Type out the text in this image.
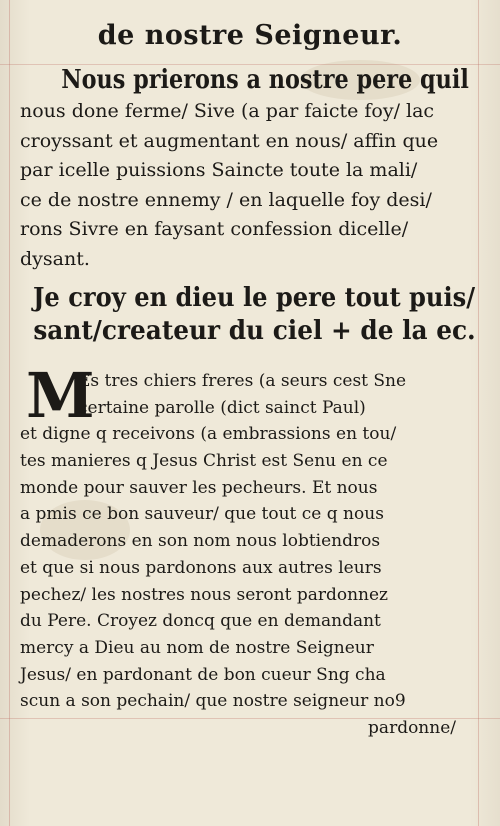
de nostre Seigneur.
Nous prierons a nostre pere quil
nous done ferme/ Sive (a par faicte foy/ lac
croyssant et augmentant en nous/ affin que
par icelle puissions Saincte toute la mali/
ce de nostre ennemy / en laquelle foy desi/
rons Sivre en faysant confession dicelle/
dysant.
Je croy en dieu le pere tout puis/
sant/createur du ciel + de la ec.
M
Es tres chiers freres (a seurs cest Sne
certaine parolle (dict sainct Paul)
et digne q receivons (a embrassions en tou/
tes manieres q Jesus Christ est Senu en ce
monde pour sauver les pecheurs. Et nous
a pmis ce bon sauveur/ que tout ce q nous
demaderons en son nom nous lobtiendros
et que si nous pardonons aux autres leurs
pechez/ les nostres nous seront pardonnez
du Pere. Croyez doncq que en demandant
mercy a Dieu au nom de nostre Seigneur
Jesus/ en pardonant de bon cueur Sng cha
scun a son pechain/ que nostre seigneur no9
pardonne/
